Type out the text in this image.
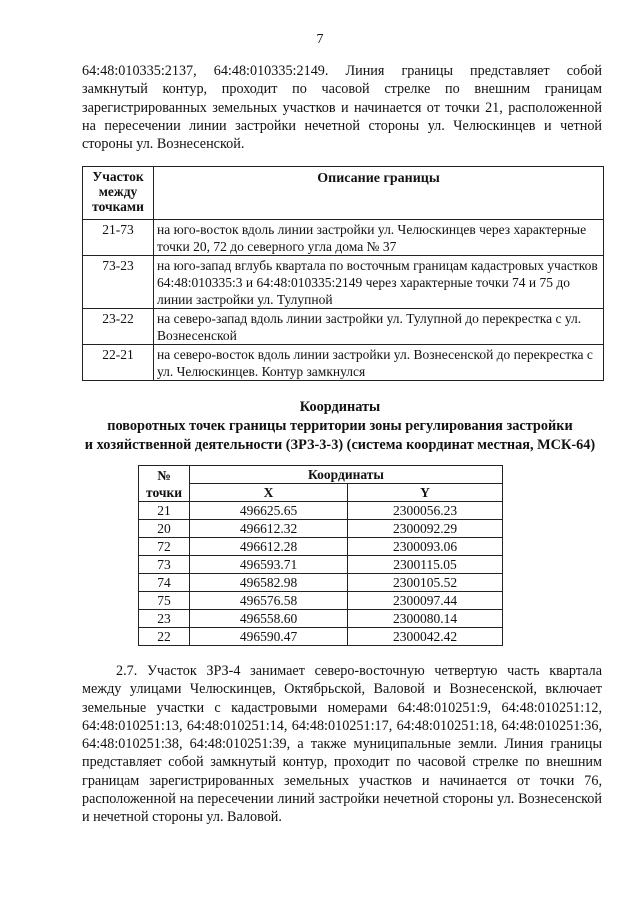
7

64:48:010335:2137, 64:48:010335:2149. Линия границы представляет собой замкнутый контур, проходит по часовой стрелке по внешним границам зарегистрированных земельных участков и начинается от точки 21, расположенной на пересечении линии застройки нечетной стороны ул. Челюскинцев и четной стороны ул. Вознесенской.

Участок между точками	Описание границы
21-73	на юго-восток вдоль линии застройки ул. Челюскинцев через характерные точки 20, 72 до северного угла дома № 37
73-23	на юго-запад вглубь квартала по восточным границам кадастровых участков 64:48:010335:3 и 64:48:010335:2149 через характерные точки 74 и 75 до линии застройки ул. Тулупной
23-22	на северо-запад вдоль линии застройки ул. Тулупной до перекрестка с ул. Вознесенской
22-21	на северо-восток вдоль линии застройки ул. Вознесенской до перекрестка с ул. Челюскинцев. Контур замкнулся

Координаты

поворотных точек границы территории зоны регулирования застройки

и хозяйственной деятельности (ЗРЗ-3-3) (система координат местная, МСК-64)

№ точки	Координаты	
	X	Y
21	496625.65	2300056.23
20	496612.32	2300092.29
72	496612.28	2300093.06
73	496593.71	2300115.05
74	496582.98	2300105.52
75	496576.58	2300097.44
23	496558.60	2300080.14
22	496590.47	2300042.42

2.7. Участок ЗРЗ-4 занимает северо-восточную четвертую часть квартала между улицами Челюскинцев, Октябрьской, Валовой и Вознесенской, включает земельные участки с кадастровыми номерами 64:48:010251:9, 64:48:010251:12, 64:48:010251:13, 64:48:010251:14, 64:48:010251:17, 64:48:010251:18, 64:48:010251:36, 64:48:010251:38, 64:48:010251:39, а также муниципальные земли. Линия границы представляет собой замкнутый контур, проходит по часовой стрелке по внешним границам зарегистрированных земельных участков и начинается от точки 76, расположенной на пересечении линий застройки нечетной стороны ул. Вознесенской и нечетной стороны ул. Валовой.
